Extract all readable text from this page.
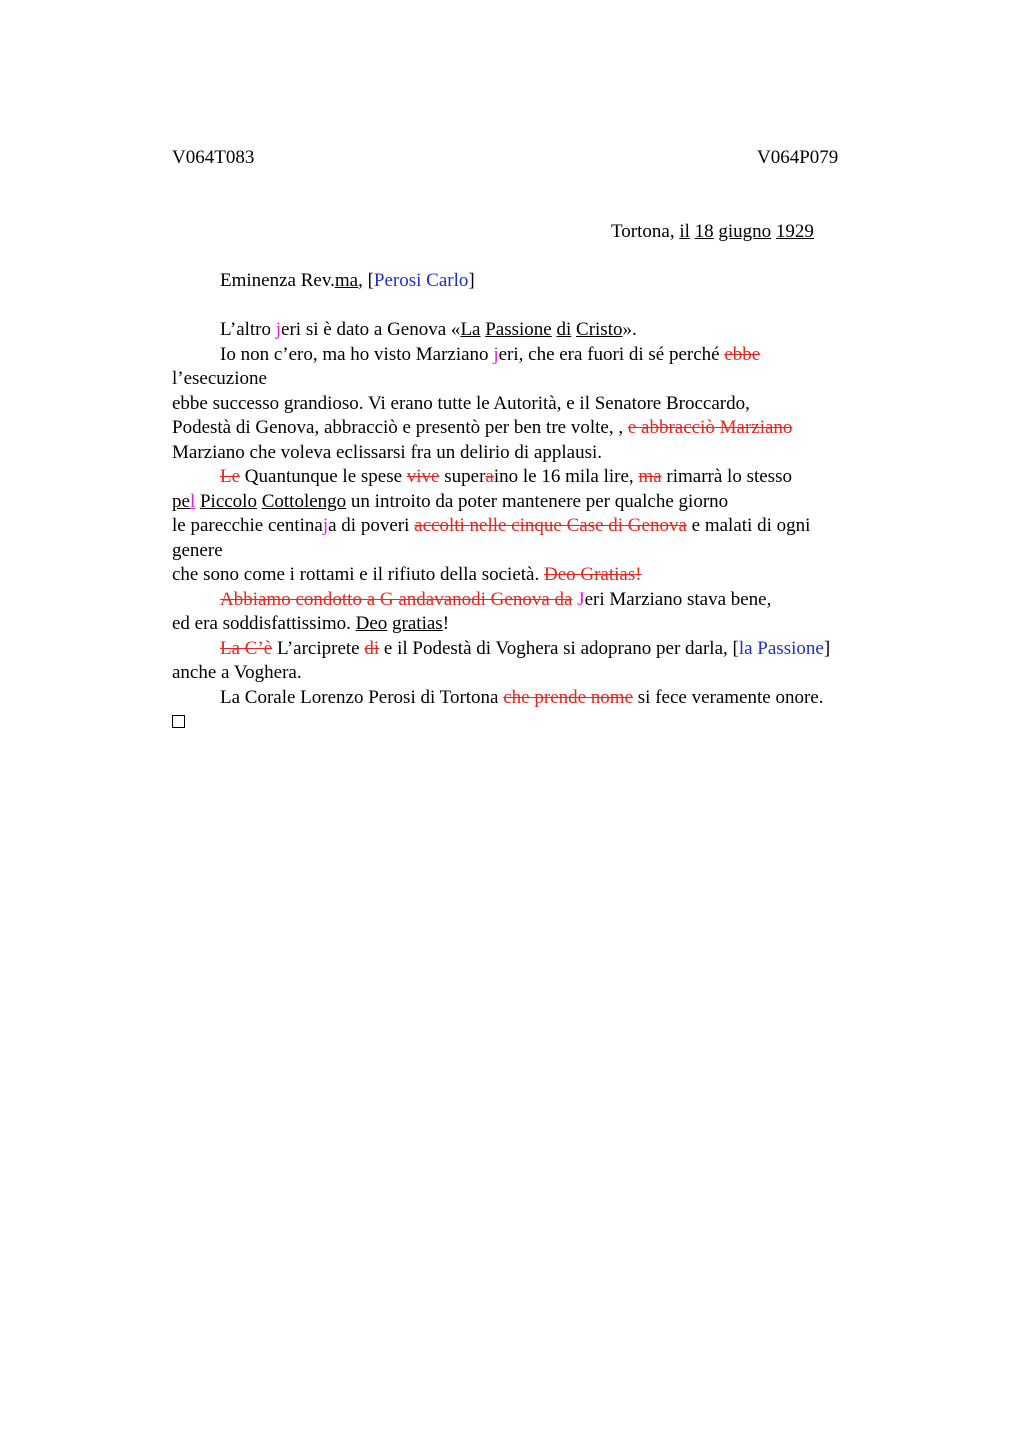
V064T083	V064P079
Tortona, il 18 giugno 1929
Eminenza Rev.ma, [Perosi Carlo]
L’altro jeri si è dato a Genova «La Passione di Cristo».
Io non c’ero, ma ho visto Marziano jeri, che era fuori di sé perché ebbe
l’esecuzione
ebbe successo grandioso. Vi erano tutte le Autorità, e il Senatore Broccardo,
Podestà di Genova, abbracciò e presentò per ben tre volte, , e abbracciò Marziano
Marziano che voleva eclissarsi fra un delirio di applausi.
Le Quantunque le spese vive superaino le 16 mila lire, ma rimarrà lo stesso
pel Piccolo Cottolengo un introito da poter mantenere per qualche giorno
le parecchie centinaja di poveri accolti nelle cinque Case di Genova e malati di ogni
genere
che sono come i rottami e il rifiuto della società. Deo Gratias!
Abbiamo condotto a G andavanodi Genova da Jeri Marziano stava bene,
ed era soddisfattissimo. Deo gratias!
La C’è L’arciprete di e il Podestà di Voghera si adoprano per darla, [la Passione]
anche a Voghera.
La Corale Lorenzo Perosi di Tortona che prende nome si fece veramente onore.
